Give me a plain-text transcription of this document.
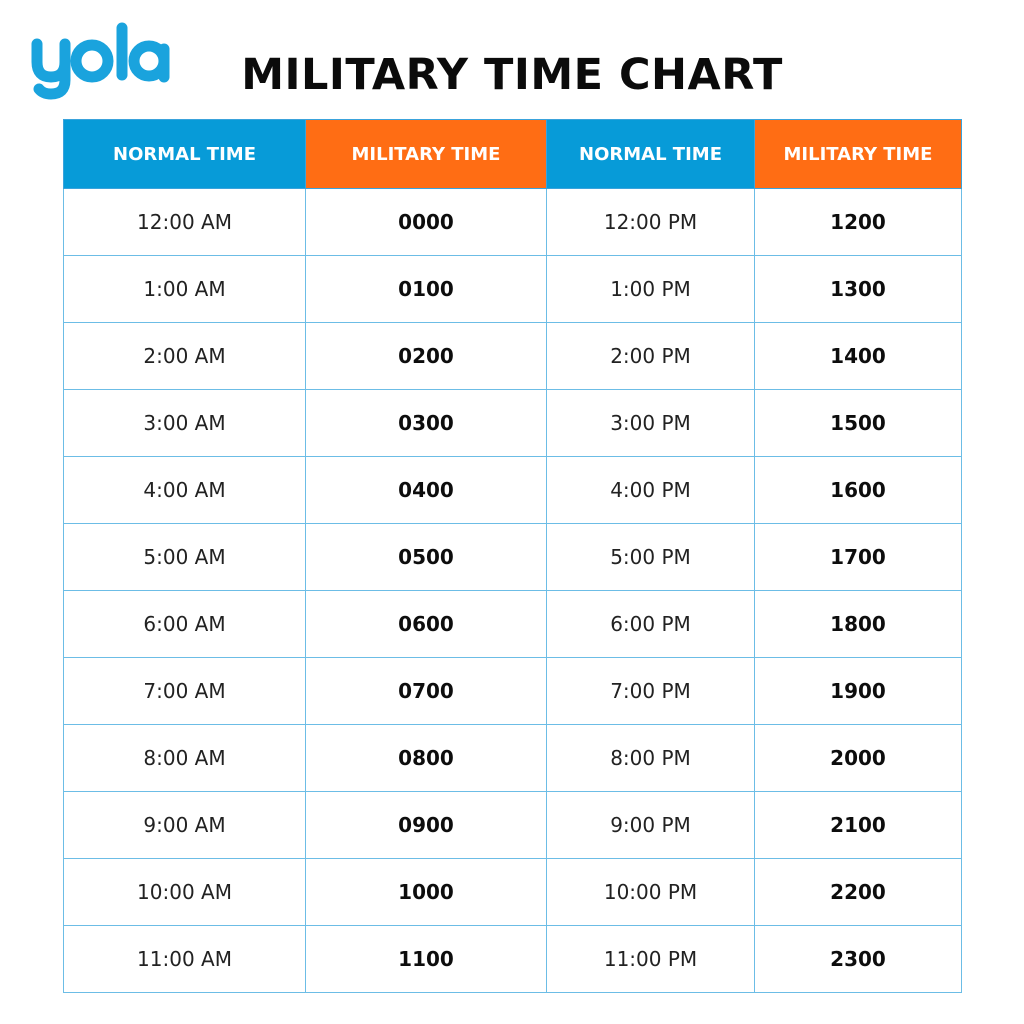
MILITARY TIME CHART
NORMAL TIME	MILITARY TIME	NORMAL TIME	MILITARY TIME
12:00 AM	0000	12:00 PM	1200
1:00 AM	0100	1:00 PM	1300
2:00 AM	0200	2:00 PM	1400
3:00 AM	0300	3:00 PM	1500
4:00 AM	0400	4:00 PM	1600
5:00 AM	0500	5:00 PM	1700
6:00 AM	0600	6:00 PM	1800
7:00 AM	0700	7:00 PM	1900
8:00 AM	0800	8:00 PM	2000
9:00 AM	0900	9:00 PM	2100
10:00 AM	1000	10:00 PM	2200
11:00 AM	1100	11:00 PM	2300
